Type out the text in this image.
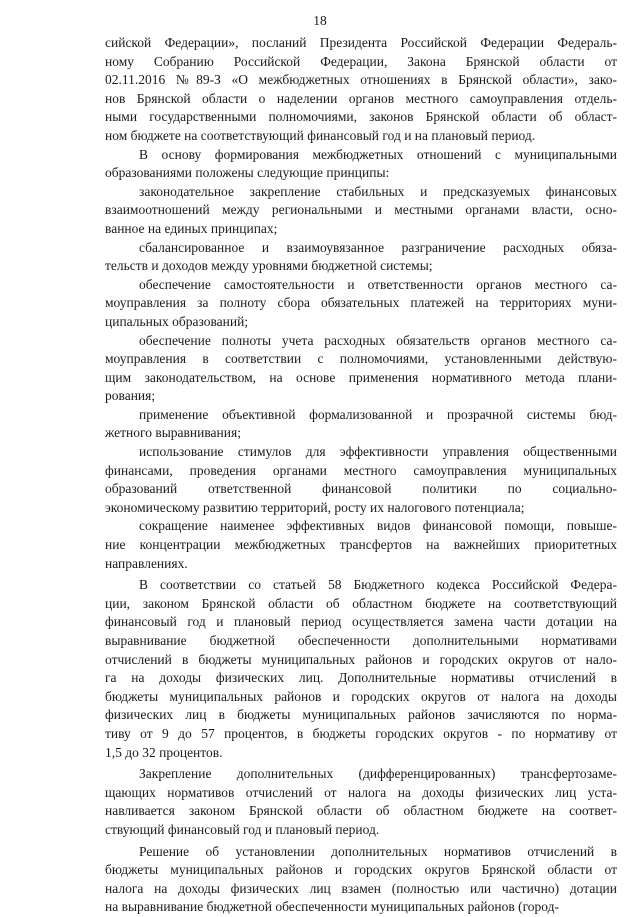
18
сийской Федерации», посланий Президента Российской Федерации Федераль-
ному Собранию Российской Федерации, Закона Брянской области от
02.11.2016 №89-З «О межбюджетных отношениях в Брянской области», зако-
нов Брянской области о наделении органов местного самоуправления отдель-
ными государственными полномочиями, законов Брянской области об област-
ном бюджете на соответствующий финансовый год и на плановый период.
В основу формирования межбюджетных отношений с муниципальными
образованиями положены следующие принципы:
законодательное закрепление стабильных и предсказуемых финансовых
взаимоотношений между региональными и местными органами власти, осно-
ванное на единых принципах;
сбалансированное и взаимоувязанное разграничение расходных обяза-
тельств и доходов между уровнями бюджетной системы;
обеспечение самостоятельности и ответственности органов местного са-
моуправления за полноту сбора обязательных платежей на территориях муни-
ципальных образований;
обеспечение полноты учета расходных обязательств органов местного са-
моуправления в соответствии с полномочиями, установленными действую-
щим законодательством, на основе применения нормативного метода плани-
рования;
применение объективной формализованной и прозрачной системы бюд-
жетного выравнивания;
использование стимулов для эффективности управления общественными
финансами, проведения органами местного самоуправления муниципальных
образований ответственной финансовой политики по социально-
экономическому развитию территорий, росту их налогового потенциала;
сокращение наименее эффективных видов финансовой помощи, повыше-
ние концентрации межбюджетных трансфертов на важнейших приоритетных
направлениях.
В соответствии со статьей 58 Бюджетного кодекса Российской Федера-
ции, законом Брянской области об областном бюджете на соответствующий
финансовый год и плановый период осуществляется замена части дотации на
выравнивание бюджетной обеспеченности дополнительными нормативами
отчислений в бюджеты муниципальных районов и городских округов от нало-
га на доходы физических лиц. Дополнительные нормативы отчислений в
бюджеты муниципальных районов и городских округов от налога на доходы
физических лиц в бюджеты муниципальных районов зачисляются по норма-
тиву от 9 до 57 процентов, в бюджеты городских округов - по нормативу от
1,5 до 32 процентов.
Закрепление дополнительных (дифференцированных) трансфертозаме-
щающих нормативов отчислений от налога на доходы физических лиц уста-
навливается законом Брянской области об областном бюджете на соответ-
ствующий финансовый год и плановый период.
Решение об установлении дополнительных нормативов отчислений в
бюджеты муниципальных районов и городских округов Брянской области от
налога на доходы физических лиц взамен (полностью или частично) дотации
на выравнивание бюджетной обеспеченности муниципальных районов (город-
